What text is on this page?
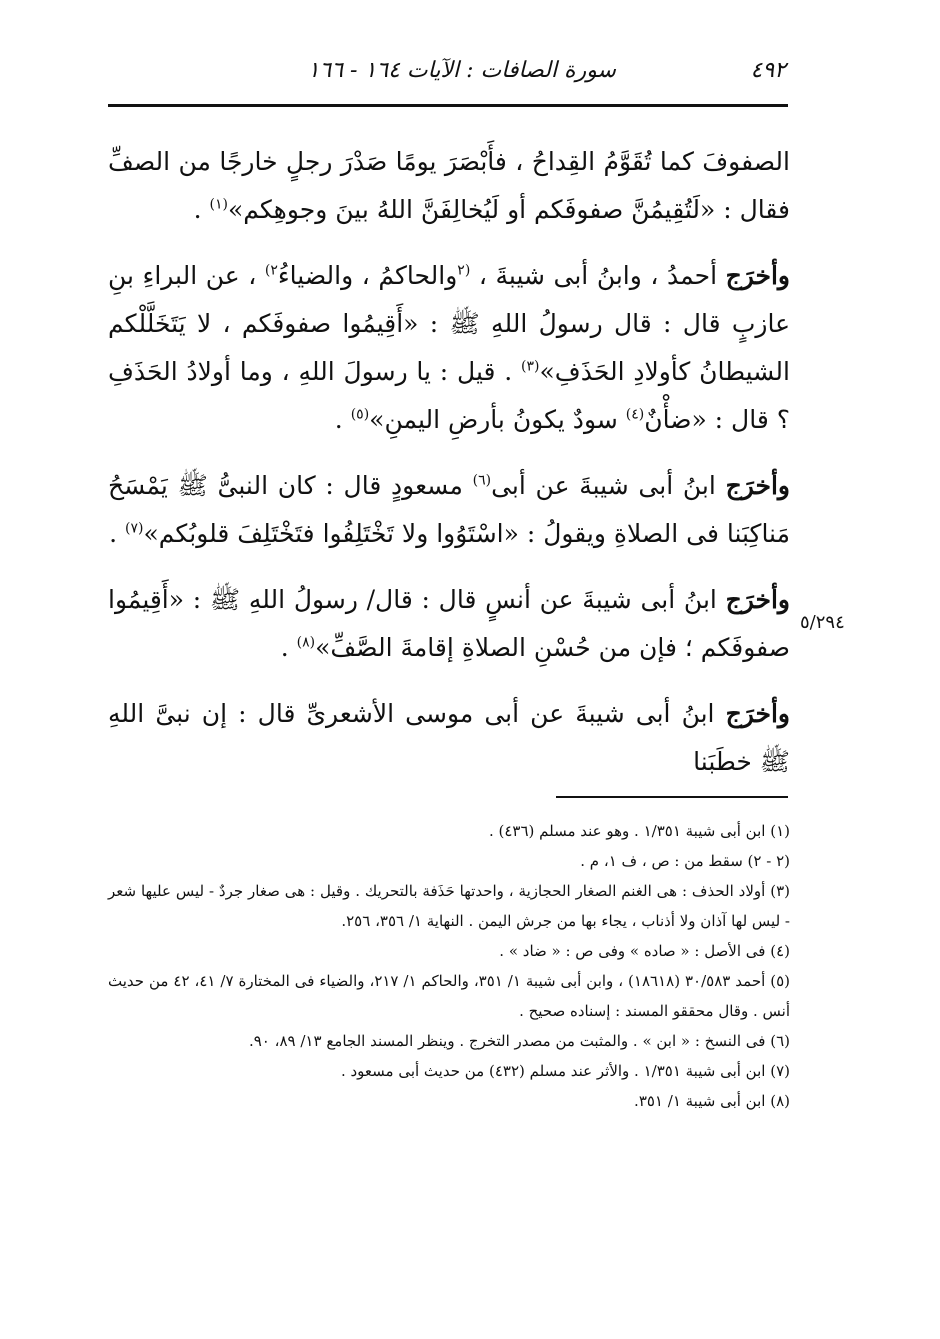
٤٩٢
سورة الصافات : الآيات ١٦٤ - ١٦٦

الصفوفَ كما تُقَوَّمُ القِداحُ ، فأَبْصَرَ يومًا صَدْرَ رجلٍ خارجًا من الصفِّ فقال : «لَتُقِيمُنَّ صفوفَكم أو لَيُخالِفَنَّ اللهُ بينَ وجوهِكم»$^{(١)}$ .

وأخرَج أحمدُ ، وابنُ أبى شيبةَ ، $^{(٢}$والحاكمُ ، والضياءُ$^{٢)}$ ، عن البراءِ بنِ عازبٍ قال : قال رسولُ اللهِ ﷺ : «أَقِيمُوا صفوفَكم ، لا يَتَخَلَّلْكم الشيطانُ كأولادِ الحَذَفِ»$^{(٣)}$ . قيل : يا رسولَ اللهِ ، وما أولادُ الحَذَفِ ؟ قال : «ضأْنٌ$^{(٤)}$ سودٌ يكونُ بأرضِ اليمنِ»$^{(٥)}$ .

وأخرَج ابنُ أبى شيبةَ عن أبى$^{(٦)}$ مسعودٍ قال : كان النبىُّ ﷺ يَمْسَحُ مَناكِبَنا فى الصلاةِ ويقولُ : «اسْتَوُوا ولا تَخْتَلِفُوا فتَخْتَلِفَ قلوبُكم»$^{(٧)}$ .

وأخرَج ابنُ أبى شيبةَ عن أنسٍ قال : قال/ رسولُ اللهِ ﷺ : «أَقِيمُوا صفوفَكم ؛ فإن من حُسْنِ الصلاةِ إقامةَ الصَّفِّ»$^{(٨)}$ .

وأخرَج ابنُ أبى شيبةَ عن أبى موسى الأشعرىِّ قال : إن نبىَّ اللهِ ﷺ خطَبَنا

٥/٢٩٤

(١) ابن أبى شيبة ١/٣٥١ . وهو عند مسلم (٤٣٦) .

(٢ - ٢) سقط من : ص ، ف ١، م .

(٣) أولاد الحذف : هى الغنم الصغار الحجازية ، واحدتها حَذَفة بالتحريك . وقيل : هى صغار جردٌ - ليس عليها شعر - ليس لها آذان ولا أذناب ، يجاء بها من جرش اليمن . النهاية ١/ ٣٥٦، ٢٥٦.

(٤) فى الأصل : « صاده » وفى ص : « ضاد » .

(٥) أحمد ٣٠/٥٨٣ (١٨٦١٨) ، وابن أبى شيبة ١/ ٣٥١، والحاكم ١/ ٢١٧، والضياء فى المختارة ٧/ ٤١، ٤٢ من حديث أنس . وقال محققو المسند : إسناده صحيح .

(٦) فى النسخ : « ابن » . والمثبت من مصدر التخرج . وينظر المسند الجامع ١٣/ ٨٩، ٩٠.

(٧) ابن أبى شيبة ١/٣٥١ . والأثر عند مسلم (٤٣٢) من حديث أبى مسعود .

(٨) ابن أبى شيبة ١/ ٣٥١.
